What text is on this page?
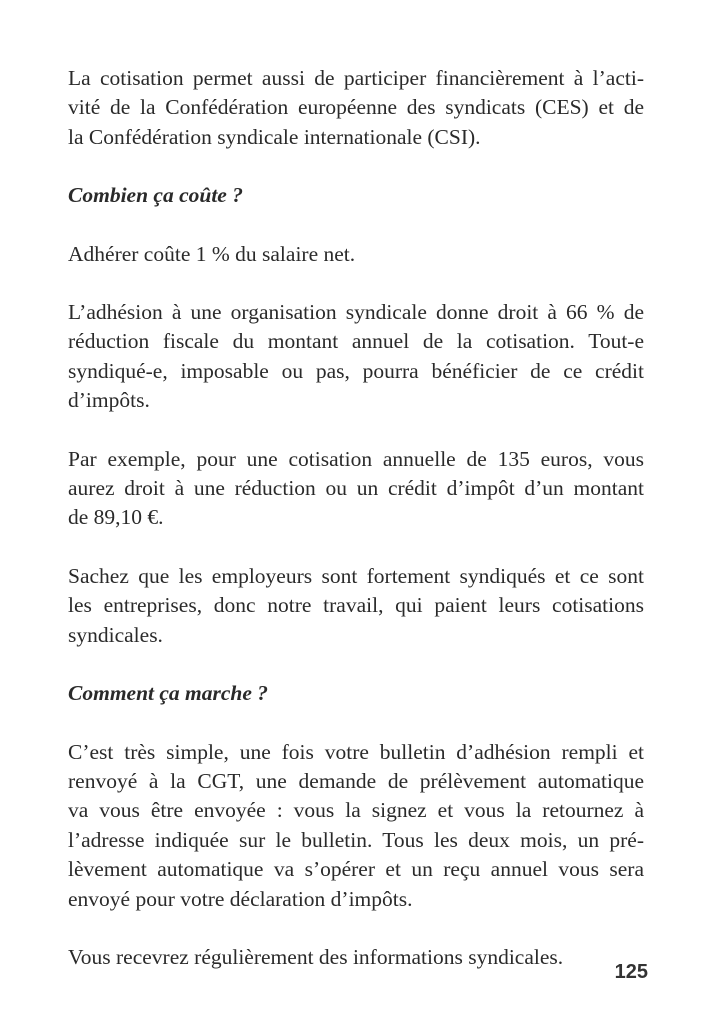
La cotisation permet aussi de participer financièrement à l’acti-
vité de la Confédération européenne des syndicats (CES) et de
la Confédération syndicale internationale (CSI).

Combien ça coûte ?

Adhérer coûte 1 % du salaire net.

L’adhésion à une organisation syndicale donne droit à 66 % de
réduction fiscale du montant annuel de la cotisation. Tout-e
syndiqué-e, imposable ou pas, pourra bénéficier de ce crédit
d’impôts.

Par exemple, pour une cotisation annuelle de 135 euros, vous
aurez droit à une réduction ou un crédit d’impôt d’un montant
de 89,10 €.

Sachez que les employeurs sont fortement syndiqués et ce sont
les entreprises, donc notre travail, qui paient leurs cotisations
syndicales.

Comment ça marche ?

C’est très simple, une fois votre bulletin d’adhésion rempli et
renvoyé à la CGT, une demande de prélèvement automatique
va vous être envoyée : vous la signez et vous la retournez à
l’adresse indiquée sur le bulletin. Tous les deux mois, un pré-
lèvement automatique va s’opérer et un reçu annuel vous sera
envoyé pour votre déclaration d’impôts.

Vous recevrez régulièrement des informations syndicales.

125
